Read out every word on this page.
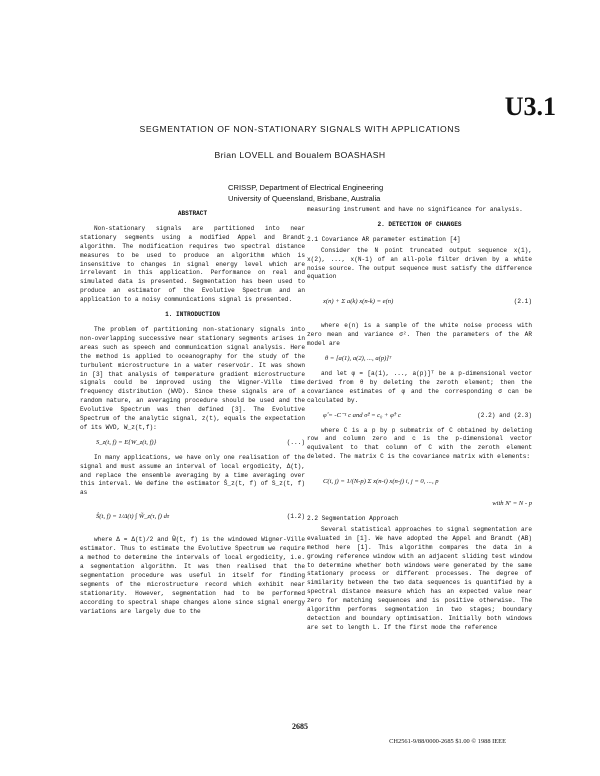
U3.1
SEGMENTATION OF NON-STATIONARY SIGNALS WITH APPLICATIONS
Brian LOVELL and Boualem BOASHASH
CRISSP, Department of Electrical Engineering
University of Queensland, Brisbane, Australia
ABSTRACT

Non-stationary signals are partitioned into near stationary segments using a modified Appel and Brandt algorithm. The modification requires two spectral distance measures to be used to produce an algorithm which is insensitive to changes in signal energy level which are irrelevant in this application. Performance on real and simulated data is presented. Segmentation has been used to produce an estimator of the Evolutive Spectrum and an application to a noisy communications signal is presented.

1. INTRODUCTION

The problem of partitioning non-stationary signals into non-overlapping successive near stationary segments arises in areas such as speech and communication signal analysis. Here the method is applied to oceanography for the study of the turbulent microstructure in a water reservoir. It was shown in [3] that analysis of temperature gradient microstructure signals could be improved using the Wigner-Ville time frequency distribution (WVD). Since these signals are of a random nature, an averaging procedure should be used and the Evolutive Spectrum was then defined [3]. The Evolutive Spectrum of the analytic signal, z(t), equals the expectation of its WVD, W_z(t,f):

S_z(t, f) = E{W_z(t, f)}	(...)

In many applications, we have only one realisation of the signal and must assume an interval of local ergodicity, Δ(t), and replace the ensemble averaging by a time averaging over this interval. We define the estimator Ŝ_z(t, f) of S_z(t, f) as

Ŝ(t, f) = 1/Δ(t) ∫ W̃_z(τ, f) dτ	(1.2)

where Δ = Δ(t)/2 and W̃(t, f) is the windowed Wigner-Ville estimator. Thus to estimate the Evolutive Spectrum we require a method to determine the intervals of local ergodicity, i.e. a segmentation algorithm. It was then realised that the segmentation procedure was useful in itself for finding segments of the microstructure record which exhibit near stationarity. However, segmentation had to be performed according to spectral shape changes alone since signal energy variations are largely due to the

measuring instrument and have no significance for analysis.

2. DETECTION OF CHANGES
2.1 Covariance AR parameter estimation [4]

Consider the N point truncated output sequence x(1), x(2), ..., x(N-1) of an all-pole filter driven by a white noise source. The output sequence must satisfy the difference equation

x(n) + Σ a(k) x(n-k) = e(n)	(2.1)

where e(n) is a sample of the white noise process with zero mean and variance σ². Then the parameters of the AR model are

θ = [a(1), a(2), ..., a(p)]ᵀ

and let φ = [a(1), ..., a(p)]ᵀ be a p-dimensional vector derived from θ by deleting the zeroth element; then the covariance estimates of φ and the corresponding σ can be calculated by.

φ̂ = -C⁻¹ c and σ̂² = c₀ + φ̂ᵀ c	(2.2) and (2.3)

where C is a p by p submatrix of C obtained by deleting row and column zero and c is the p-dimensional vector equivalent to that column of C with the zeroth element deleted. The matrix C is the covariance matrix with elements:

C(i, j) = 1/(N-p) Σ x(n-i) x(n-j) i, j = 0, ..., p
with N' = N - p
2.2 Segmentation Approach

Several statistical approaches to signal segmentation are evaluated in [1]. We have adopted the Appel and Brandt (AB) method here [1]. This algorithm compares the data in a growing reference window with an adjacent sliding test window to determine whether both windows were generated by the same stationary process or different processes. The degree of similarity between the two data sequences is quantified by a spectral distance measure which has an expected value near zero for matching sequences and is positive otherwise. The algorithm performs segmentation in two stages; boundary detection and boundary optimisation. Initially both windows are set to length L. If the first mode the reference

2685
CH2561-9/88/0000-2685 $1.00 © 1988 IEEE
